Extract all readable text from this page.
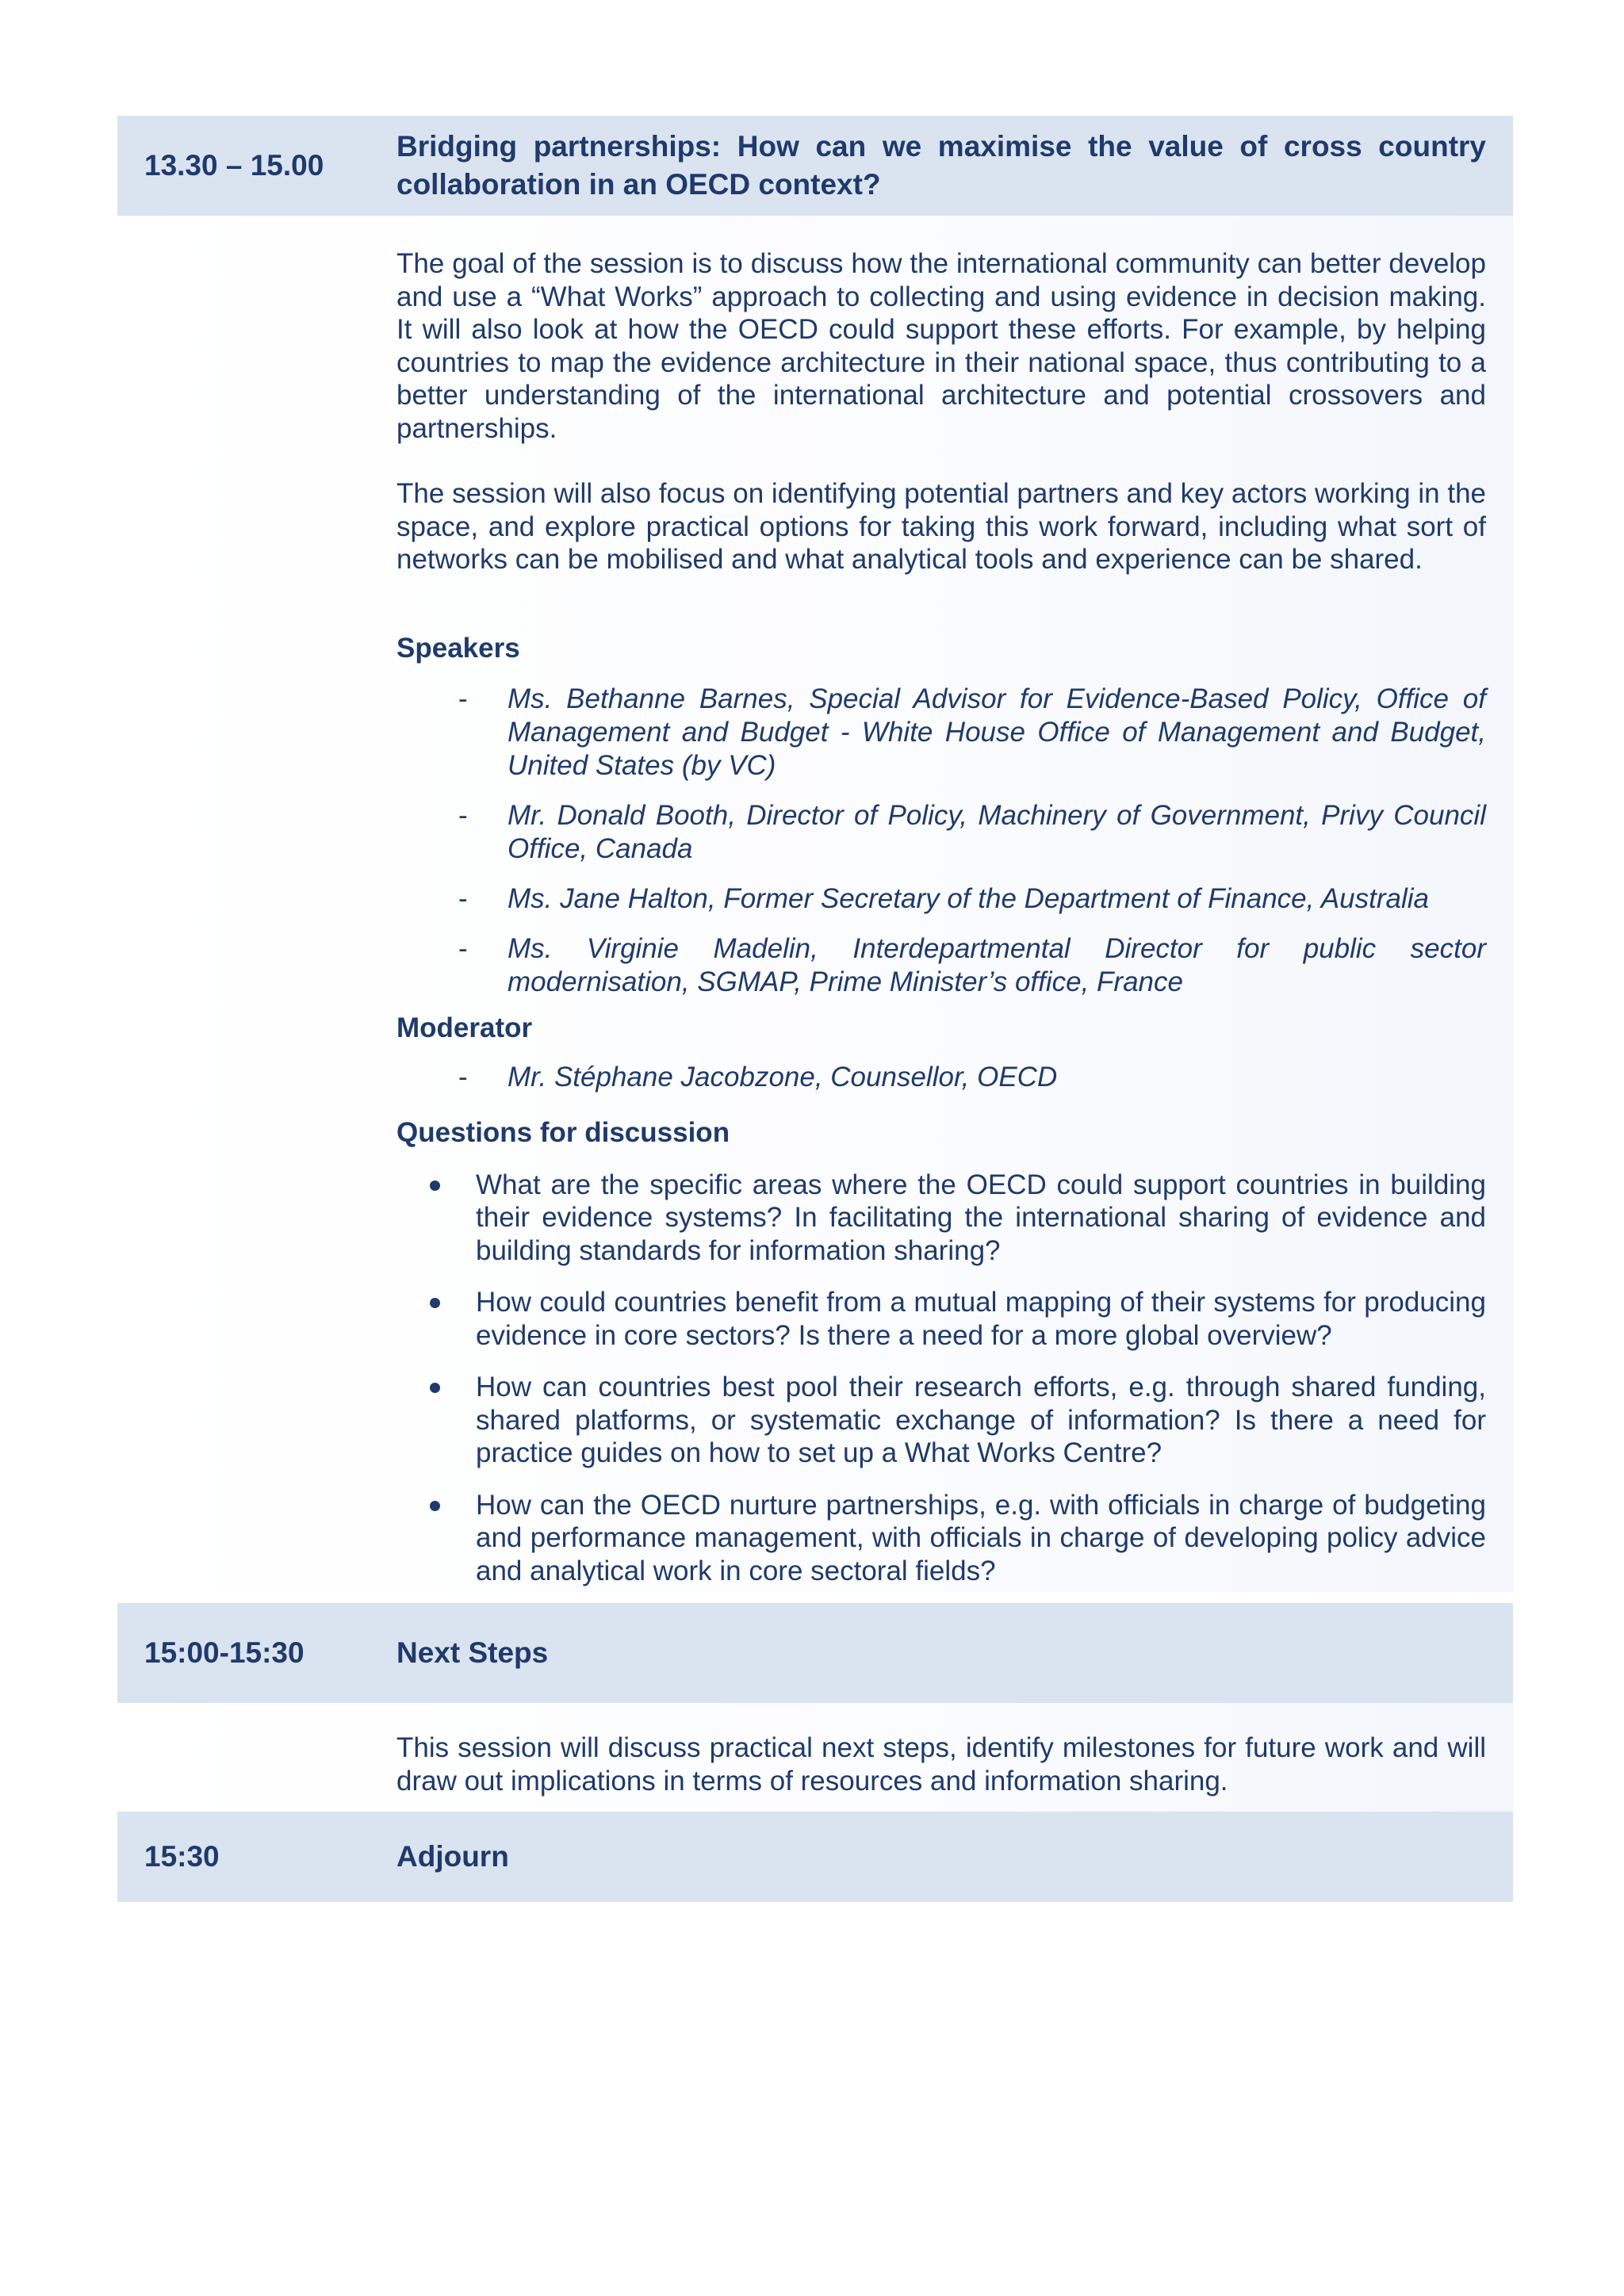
13.30 – 15.00
Bridging partnerships: How can we maximise the value of cross country collaboration in an OECD context?

The goal of the session is to discuss how the international community can better develop and use a “What Works” approach to collecting and using evidence in decision making. It will also look at how the OECD could support these efforts. For example, by helping countries to map the evidence architecture in their national space, thus contributing to a better understanding of the international architecture and potential crossovers and partnerships.

The session will also focus on identifying potential partners and key actors working in the space, and explore practical options for taking this work forward, including what sort of networks can be mobilised and what analytical tools and experience can be shared.

Speakers
- Ms. Bethanne Barnes, Special Advisor for Evidence-Based Policy, Office of Management and Budget - White House Office of Management and Budget, United States (by VC)
- Mr. Donald Booth, Director of Policy, Machinery of Government, Privy Council Office, Canada
- Ms. Jane Halton, Former Secretary of the Department of Finance, Australia
- Ms. Virginie Madelin, Interdepartmental Director for public sector modernisation, SGMAP, Prime Minister’s office, France
Moderator
- Mr. Stéphane Jacobzone, Counsellor, OECD
Questions for discussion
What are the specific areas where the OECD could support countries in building their evidence systems? In facilitating the international sharing of evidence and building standards for information sharing?
How could countries benefit from a mutual mapping of their systems for producing evidence in core sectors? Is there a need for a more global overview?
How can countries best pool their research efforts, e.g. through shared funding, shared platforms, or systematic exchange of information? Is there a need for practice guides on how to set up a What Works Centre?
How can the OECD nurture partnerships, e.g. with officials in charge of budgeting and performance management, with officials in charge of developing policy advice and analytical work in core sectoral fields?
15:00-15:30	Next Steps

This session will discuss practical next steps, identify milestones for future work and will draw out implications in terms of resources and information sharing.

15:30	Adjourn
